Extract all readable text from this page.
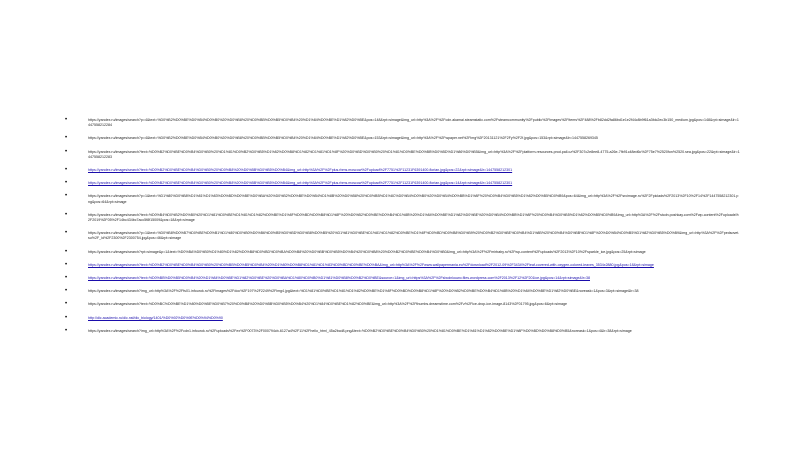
•	https://yandex.ru/images/search?p=4&text=%D0%B2%D0%BE%D0%B4%D0%B0%20%D0%B8%20%D0%BB%D0%B5%D0%B4%20%D1%84%D0%BE%D1%82%D0%BE&pos=148&rpt=simage&img_url=http%3A%2F%2Fcdn.akamai.steamstatic.com%2Fsteamcommunity%2Fpublic%2Fimages%2Fitems%2F488%2Fb82dd2fa86bd1e1e2f44c8b9f61a3fdc2ec3b150_medium.jpg&pos=148&rpt=simage&lr=1447558212284
•	https://yandex.ru/images/search?p=4&text=%D0%B2%D0%BE%D0%B4%D0%B0%20%D0%B8%20%D0%BB%D0%B5%D0%B4%20%D1%84%D0%BE%D1%82%D0%BE&pos=153&rpt=simage&img_url=http%3A%2F%2Fwpaper.net%2Fimg%2F20131121%2F2Fy%2F2f.jpg&pos=153&rpt=simage&lr=1447558269345
•	https://yandex.ru/images/search?text=%D0%B2%D0%BE%D0%B4%D0%B0%20%D1%81%D0%B2%D0%B5%D1%82%D0%B8%D1%82%D1%81%D1%8F%20%D0%BD%D0%B0%20%D1%81%D0%BE%D0%BB%D0%BD%D1%86%D0%B5&img_url=http%3A%2F%2Fplatform-resources-prod.pall.cz%2F307c2e8ee8-4775-a26e-7fb91c48ed6c%2F75e7%2520fon%2520.sea.jpg&pos=22&rpt=simage&lr=1447558212283
•	https://yandex.ru/images/search?text=%D0%B2%D0%BE%D0%B4%D0%B0%20%D0%B8%20%D0%BB%D0%B5%D0%B4&img_url=http%3A%2F%2Fplus.rbms.moscow%2Fupload%2F7751%2F11231F6391400-florian.jpg&pos=22&rpt=simage&lr=1447558212301
•	https://yandex.ru/images/search?text=%D0%B2%D0%BE%D0%B4%D0%B0%20%D0%B8%20%D0%BB%D0%B5%D0%B4&img_url=http%3A%2F%2Fplus.rbms.moscow%2Fupload%2F7751%2F11231F6391400-florian.jpg&pos=14&rpt=simage&lr=1447558212301
•	https://yandex.ru/images/search?p=1&text=%D1%80%D0%B8%D1%81%D1%83%D0%BD%D0%BE%D0%BA%20%D0%B2%D0%BE%D0%B4%D1%8B%20%D0%B8%20%D0%BB%D1%8C%D0%B4%D0%B0%20%D0%B4%D0%BB%D1%8F%20%D0%B4%D0%B5%D1%82%D0%B5%D0%B9&pos=64&img_url=http%3A%2F%2Fsrcimage.ru%2F2Fpiclads%2F2013%2F10%2F14%2F1447558212301.png&pos=64&rpt=simage
•	https://yandex.ru/images/search?text=%D0%B4%D0%B2%D0%B0%20%D1%81%D0%BE%D1%81%D1%82%D0%BE%D1%8F%D0%BD%D0%B8%D1%8F%20%D0%B2%D0%BE%D0%B4%D1%8B%20%D1%84%D0%BE%D1%82%D0%BE%20%D0%B4%D0%BB%D1%8F%20%D0%B4%D0%B5%D1%82%D0%B5%D0%B9&img_url=http%3A%2F%2Fstcdn.poshkay.com%2Fwp-content%2Fuploads%2F2019%2F05%2F14bc434bc7acc5f8f15009&pos=18&rpt=simage
•	https://yandex.ru/images/search?p=1&text=%D0%B8%D0%B7%D0%BE%D0%B1%D1%80%D0%B0%D0%B6%D0%B5%D0%BD%D0%B8%D0%B5%20%D1%81%D0%BE%D1%81%D1%82%D0%BE%D1%8F%D0%BD%D0%B8%D0%B9%20%D0%B2%D0%BE%D0%B4%D1%8B%20%D0%B4%D0%BB%D1%8F%20%D0%B4%D0%B5%D1%82%D0%B5%D0%B9&img_url=http%3A%2F%2Fpedsovet.su%2F_ld%2F2300%2F2300754.jpg&pos=46&rpt=simage
•	https://yandex.ru/images/search?rpt=simage&p=1&text=%D0%BA%D0%B0%D1%80%D1%82%D0%B8%D0%BD%D0%BA%D0%B8%20%D0%BB%D0%B5%D0%B4%20%D0%B8%20%D0%B2%D0%BE%D0%B4%D0%B0&img_url=http%3A%2F%2Fmirbaby.ru%2Fwp-content%2Fuploads%2F2013%2F10%2Fsparkle_ice.jpg&pos=25&rpt=simage
•	https://yandex.ru/images/search?text=%D0%B2%D0%BE%D0%B4%D0%B0%20%D0%BB%D0%B5%D0%B4%20%D1%80%D0%B8%D1%81%D1%83%D0%BD%D0%BE%D0%BA&img_url=http%3A%2F%2Fwww.wallpapermania.eu%2Fdownload%2F2012-09%2F3434%2Fleaf-covered-with-oxygen-colored-leaves_3534x2880.jpg&pos=18&rpt=simage
•	https://yandex.ru/images/search?text=%D0%BB%D0%B5%D0%B4%20%D1%84%D0%BE%D1%82%D0%BE%20%D0%BA%D1%80%D0%B0%D1%81%D0%B8%D0%B2%D0%BE&source=1&img_url=https%3A%2F%2Fsbcdnlouwo.files.wordpress.com%2F2013%2F12%2F201ice.jpg&pos=14&rpt=simage&lr=38
•	https://yandex.ru/images/search?img_url=http%3A%2F%2Ffs01.infourok.ru%2Fimages%2Fdoc%2F197%2F2249%2Fimg4.jpg&text=%D1%81%D0%BE%D1%81%D1%82%D0%BE%D1%8F%D0%BD%D0%B8%D1%8F%20%D0%B2%D0%BE%D0%B4%D1%8B%20%D1%84%D0%BE%D1%82%D0%BE&noreask=1&pos=3&rpt=simage&lr=38
•	https://yandex.ru/images/search?text=%D0%BC%D0%BE%D1%80%D0%BE%D0%B7%20%D0%B8%20%D0%BB%D0%B5%D0%B4%20%D1%84%D0%BE%D1%82%D0%BE&img_url=http%3A%2F%2Fthumbs.dreamstime.com%2Fz%2Fice-drop-ice-image-8143%2F01795.jpg&pos=6&rpt=simage
•	http://dic.academic.ru/dic.nsf/dic_biology/1401/%D0%92%D0%9E%D0%94%D0%90
•	https://yandex.ru/images/search?img_url=http%3A%2F%2Fcdn1.infourok.ru%2Fuploads%2Fex%2F0073%2F000794cb-6127a4%2F11%2Fhello_html_45a2bcd8.png&text=%D0%B2%D0%BE%D0%B4%D0%B0%20%D1%81%D0%BE%D1%81%D1%82%D0%BE%D1%8F%D0%BD%D0%B8%D0%B5&noreask=1&pos=4&lr=38&rpt=simage
